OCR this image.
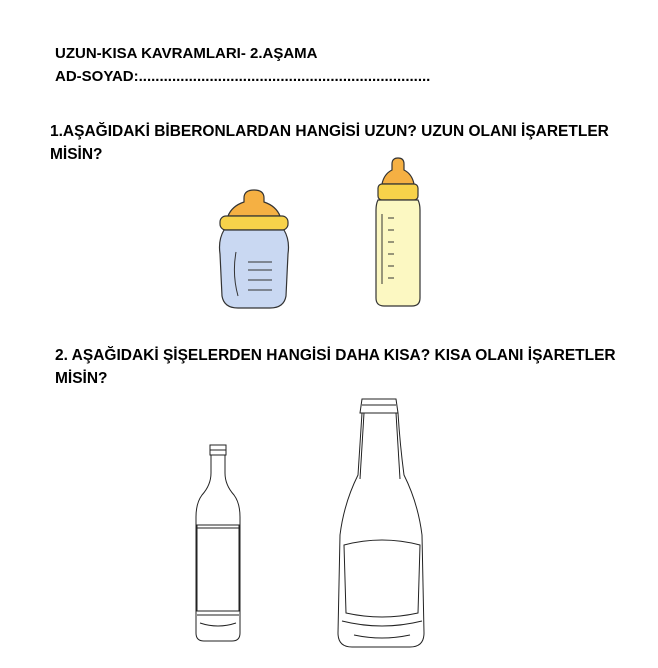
UZUN-KISA KAVRAMLARI- 2.AŞAMA
AD-SOYAD:......................................................................
1.AŞAĞIDAKİ BİBERONLARDAN HANGİSİ UZUN? UZUN OLANI İŞARETLER
MİSİN?
2. AŞAĞIDAKİ ŞİŞELERDEN HANGİSİ DAHA KISA? KISA OLANI İŞARETLER
MİSİN?
